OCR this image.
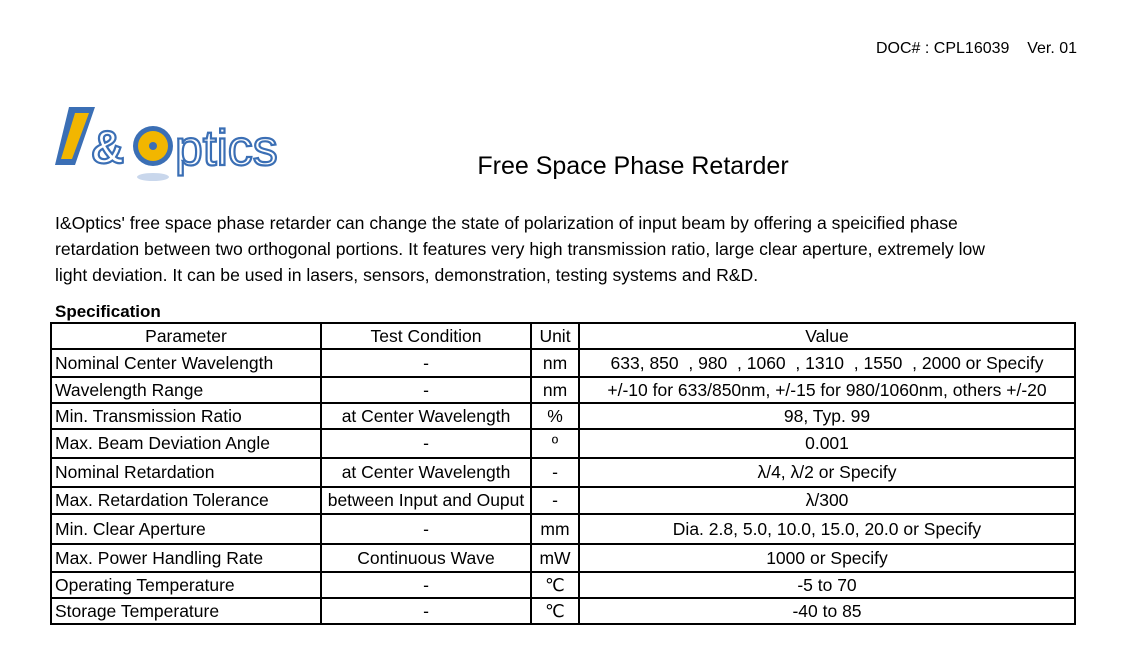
DOC# : CPL16039    Ver. 01
& ptics	Free Space Phase Retarder

I&Optics' free space phase retarder can change the state of polarization of input beam by offering a speicified phase

retardation between two orthogonal portions. It features very high transmission ratio, large clear aperture, extremely low

light deviation. It can be used in lasers, sensors, demonstration, testing systems and R&D.

Specification
Parameter	Test Condition	Unit	Value
Nominal Center Wavelength	-	nm	633, 850  , 980  , 1060  , 1310  , 1550  , 2000 or Specify
Wavelength Range	-	nm	+/-10 for 633/850nm, +/-15 for 980/1060nm, others +/-20
Min. Transmission Ratio	at Center Wavelength	%	98, Typ. 99
Max. Beam Deviation Angle	-	º	0.001
Nominal Retardation	at Center Wavelength	-	λ/4, λ/2 or Specify
Max. Retardation Tolerance	between Input and Ouput	-	λ/300
Min. Clear Aperture	-	mm	Dia. 2.8, 5.0, 10.0, 15.0, 20.0 or Specify
Max. Power Handling Rate	Continuous Wave	mW	1000 or Specify
Operating Temperature	-	℃	-5 to 70
Storage Temperature	-	℃	-40 to 85
